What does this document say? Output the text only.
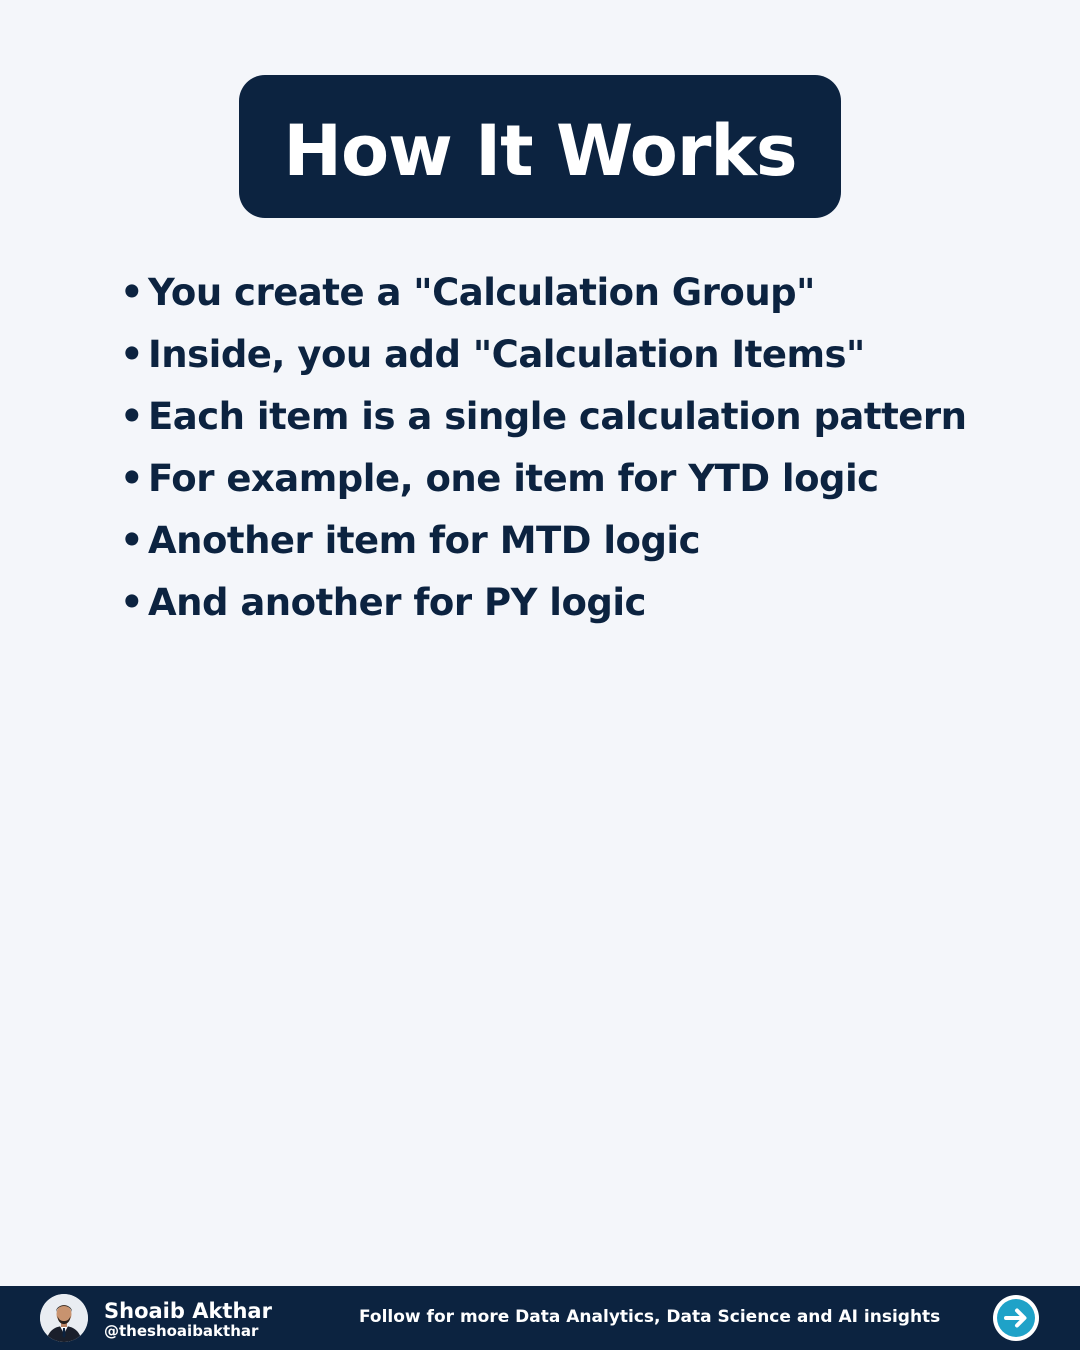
How It Works
• You create a "Calculation Group"
• Inside, you add "Calculation Items"
• Each item is a single calculation pattern
• For example, one item for YTD logic
• Another item for MTD logic
• And another for PY logic
Shoaib Akthar
@theshoaibakthar
Follow for more Data Analytics, Data Science and AI insights
